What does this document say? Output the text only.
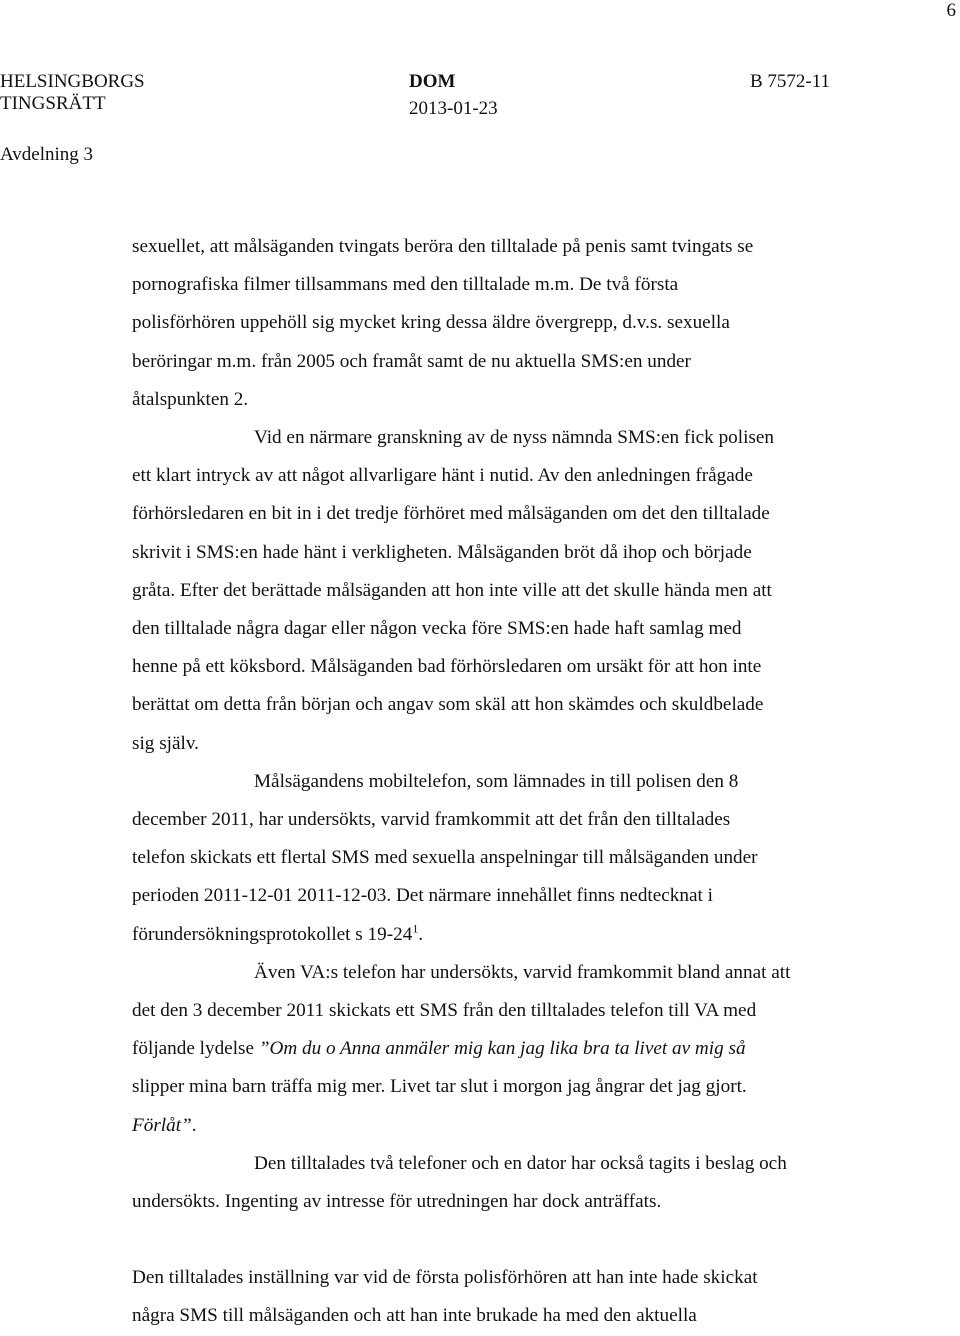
6
HELSINGBORGS
TINGSRÄTT
DOM
2013-01-23
B 7572-11
Avdelning 3

sexuellet, att målsäganden tvingats beröra den tilltalade på penis samt tvingats se
pornografiska filmer tillsammans med den tilltalade m.m. De två första
polisförhören uppehöll sig mycket kring dessa äldre övergrepp, d.v.s. sexuella
beröringar m.m. från 2005 och framåt samt de nu aktuella SMS:en under
åtalspunkten 2.

Vid en närmare granskning av de nyss nämnda SMS:en fick polisen
ett klart intryck av att något allvarligare hänt i nutid. Av den anledningen frågade
förhörsledaren en bit in i det tredje förhöret med målsäganden om det den tilltalade
skrivit i SMS:en hade hänt i verkligheten. Målsäganden bröt då ihop och började
gråta. Efter det berättade målsäganden att hon inte ville att det skulle hända men att
den tilltalade några dagar eller någon vecka före SMS:en hade haft samlag med
henne på ett köksbord. Målsäganden bad förhörsledaren om ursäkt för att hon inte
berättat om detta från början och angav som skäl att hon skämdes och skuldbelade
sig själv.

Målsägandens mobiltelefon, som lämnades in till polisen den 8
december 2011, har undersökts, varvid framkommit att det från den tilltalades
telefon skickats ett flertal SMS med sexuella anspelningar till målsäganden under
perioden 2011-12-01 2011-12-03. Det närmare innehållet finns nedtecknat i
förundersökningsprotokollet s $19-24^1$.

Även VA:s telefon har undersökts, varvid framkommit bland annat att
det den 3 december 2011 skickats ett SMS från den tilltalades telefon till VA med
följande lydelse ”Om du o Anna anmäler mig kan jag lika bra ta livet av mig så
slipper mina barn träffa mig mer. Livet tar slut i morgon jag ångrar det jag gjort.
Förlåt”.

Den tilltalades två telefoner och en dator har också tagits i beslag och
undersökts. Ingenting av intresse för utredningen har dock anträffats.

Den tilltalades inställning var vid de första polisförhören att han inte hade skickat
några SMS till målsäganden och att han inte brukade ha med den aktuella
